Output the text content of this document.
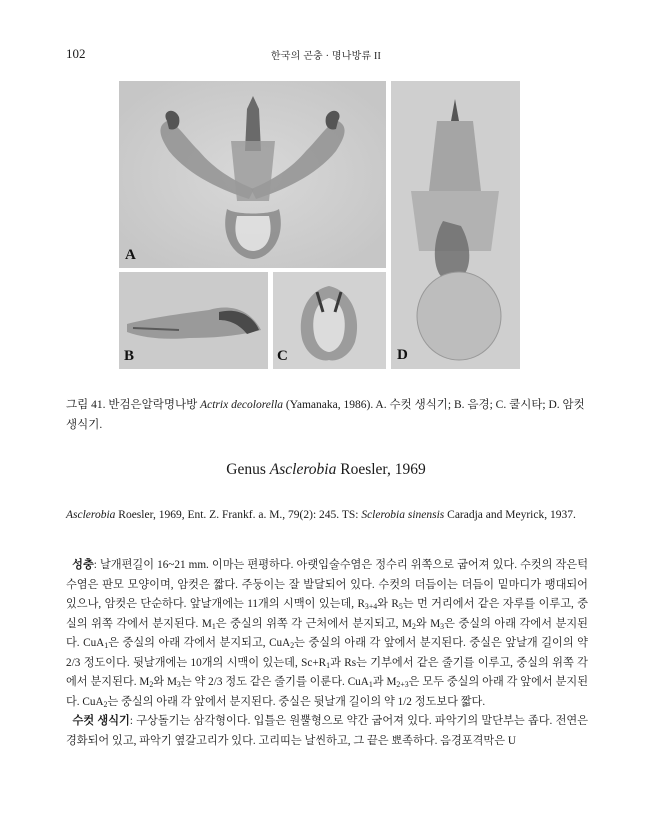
102	한국의 곤충 · 명나방류 II
A
B	C	D
그림 41. 반검은알락명나방 Actrix decolorella (Yamanaka, 1986). A. 수컷 생식기; B. 음경; C. 쿨시타; D. 암컷 생식기.
Genus Asclerobia Roesler, 1969
Asclerobia Roesler, 1969, Ent. Z. Frankf. a. M., 79(2): 245. TS: Sclerobia sinensis Caradja and Meyrick, 1937.

성충: 날개편길이 16~21 mm. 이마는 편평하다. 아랫입술수염은 정수리 위쪽으로 굽어져 있다. 수컷의 작은턱수염은 판모 모양이며, 암컷은 짧다. 주둥이는 잘 발달되어 있다. 수컷의 더듬이는 더듬이 밑마디가 팽대되어 있으나, 암컷은 단순하다. 앞날개에는 11개의 시맥이 있는데, $R_{3+4}$와 $R_5$는 먼 거리에서 같은 자루를 이루고, 중실의 위쪽 각에서 분지된다. $M_1$은 중실의 위쪽 각 근처에서 분지되고, $M_2$와 $M_3$은 중실의 아래 각에서 분지된다. CuA$_1$은 중실의 아래 각에서 분지되고, CuA$_2$는 중실의 아래 각 앞에서 분지된다. 중실은 앞날개 길이의 약 2/3 정도이다. 뒷날개에는 10개의 시맥이 있는데, $Sc+R_1$과 Rs는 기부에서 같은 줄기를 이루고, 중실의 위쪽 각에서 분지된다. $M_2$와 $M_3$는 약 2/3 정도 같은 줄기를 이룬다. CuA$_1$과 $M_{2+3}$은 모두 중실의 아래 각 앞에서 분지된다. CuA$_2$는 중실의 아래 각 앞에서 분지된다. 중실은 뒷날개 길이의 약 1/2 정도보다 짧다.

수컷 생식기: 구상돌기는 삼각형이다. 입틀은 원뿔형으로 약간 굽어져 있다. 파악기의 말단부는 좁다. 전연은 경화되어 있고, 파악기 옆갈고리가 있다. 고리띠는 날씬하고, 그 끝은 뾰족하다. 음경포격막은 U
